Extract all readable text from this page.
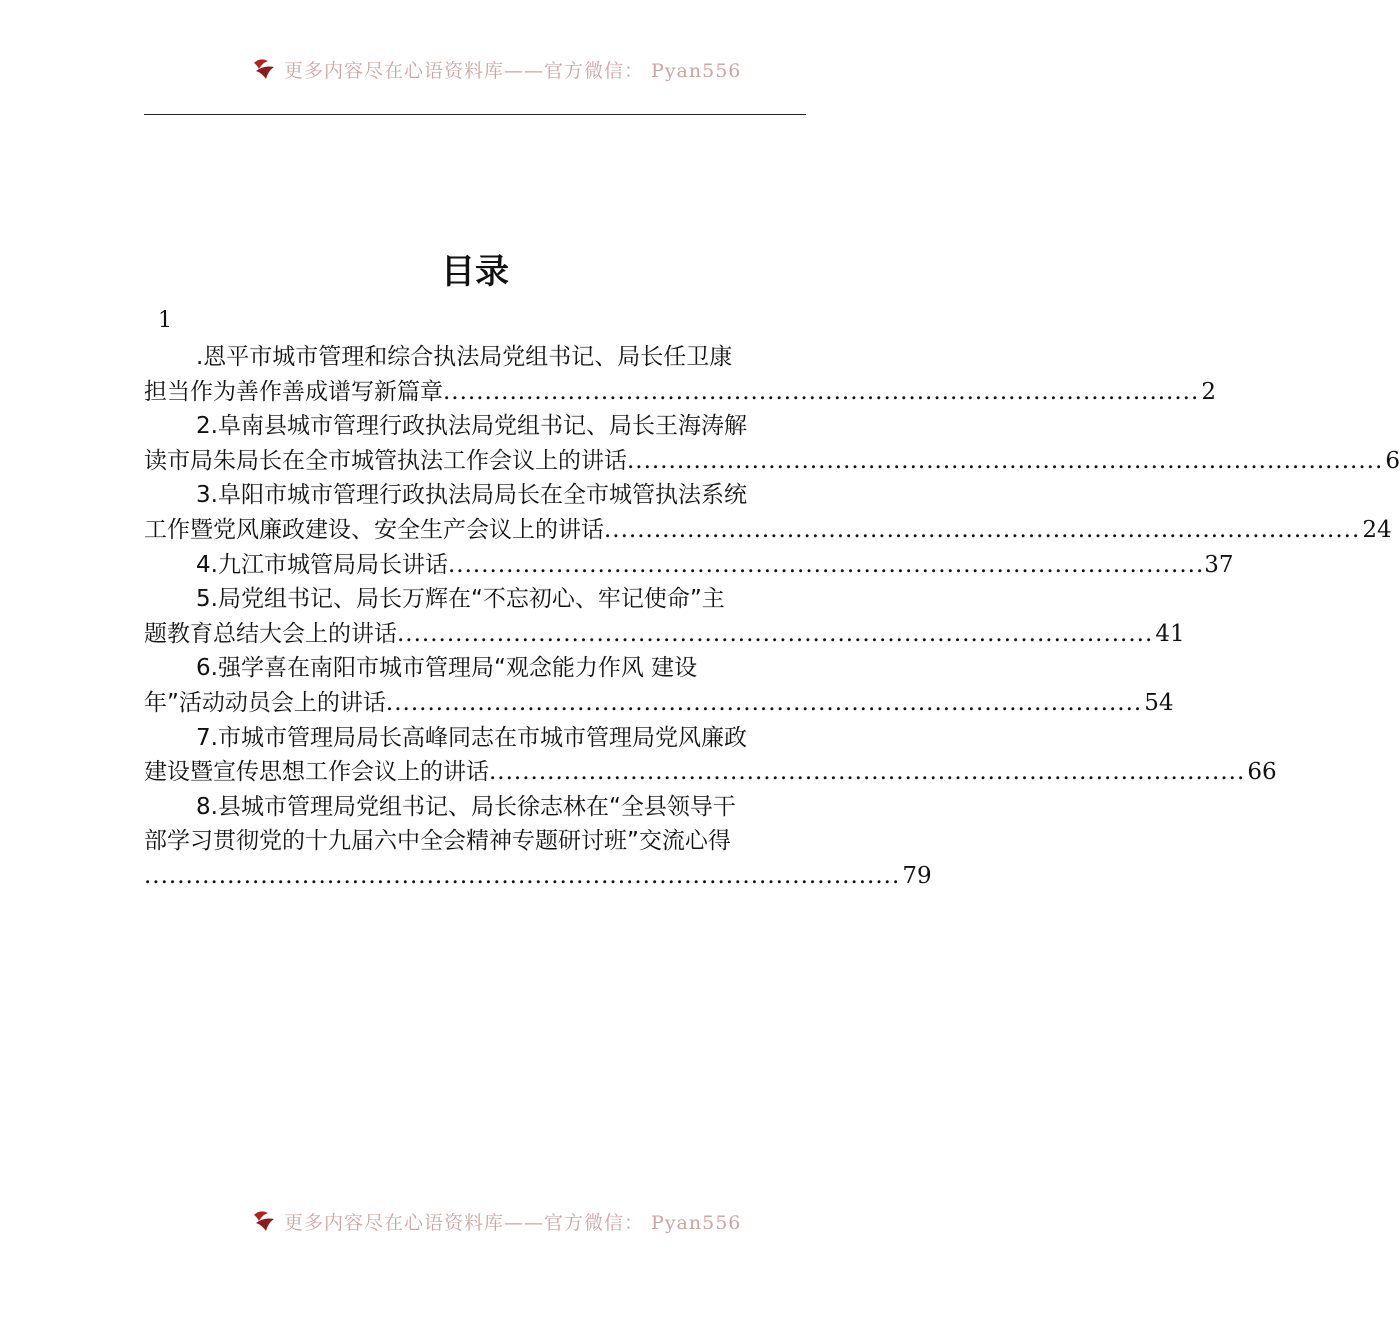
更多内容尽在心语资料库——官方微信： Pyan556
目录
1
.恩平市城市管理和综合执法局党组书记、局长任卫康
担当作为善作善成谱写新篇章 ........................................................................................... 2
2.阜南县城市管理行政执法局党组书记、局长王海涛解
读市局朱局长在全市城管执法工作会议上的讲话 ........................................................................................... 6
3.阜阳市城市管理行政执法局局长在全市城管执法系统
工作暨党风廉政建设、安全生产会议上的讲话 ........................................................................................... 24
4.九江市城管局局长讲话 ........................................................................................... 37
5.局党组书记、局长万辉在“不忘初心、牢记使命”主
题教育总结大会上的讲话 ........................................................................................... 41
6.强学喜在南阳市城市管理局“观念能力作风 建设
年”活动动员会上的讲话 ........................................................................................... 54
7.市城市管理局局长高峰同志在市城市管理局党风廉政
建设暨宣传思想工作会议上的讲话 ........................................................................................... 66
8.县城市管理局党组书记、局长徐志林在“全县领导干
部学习贯彻党的十九届六中全会精神专题研讨班”交流心得
........................................................................................... 79
更多内容尽在心语资料库——官方微信： Pyan556
